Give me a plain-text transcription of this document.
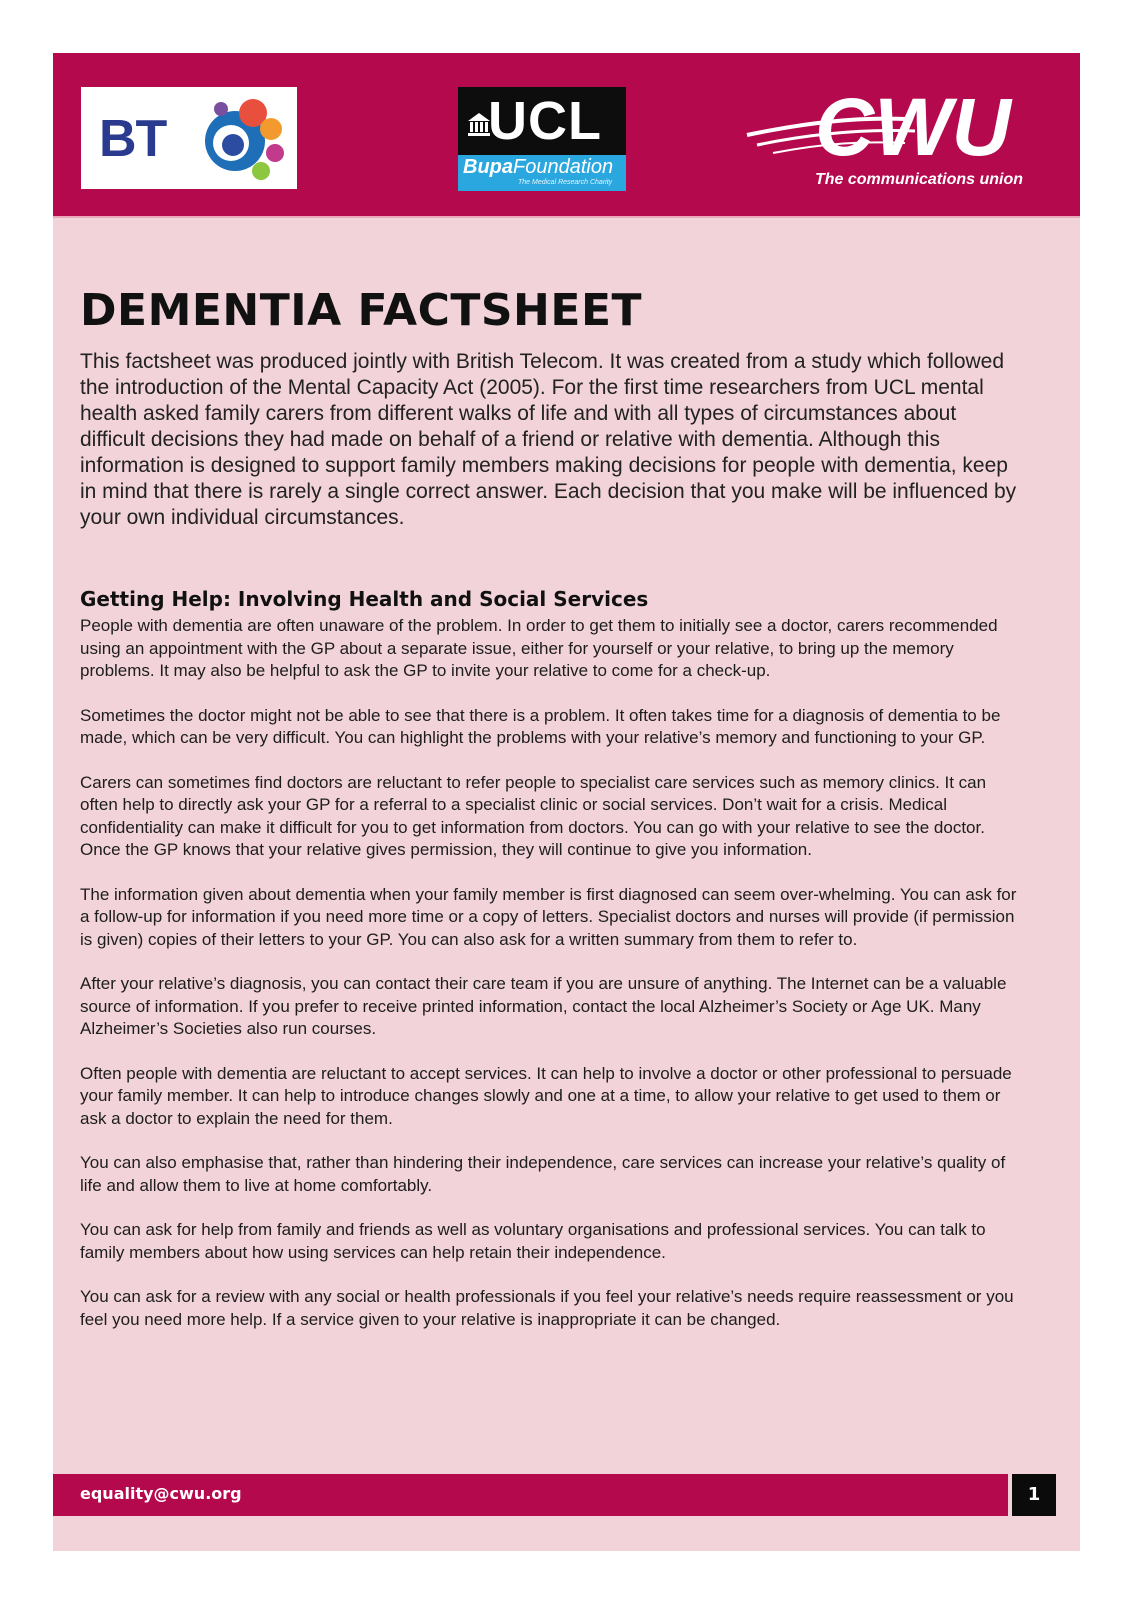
BT	UCL
BupaFoundation
The Medical Research Charity
CWU
The communications union
DEMENTIA FACTSHEET

This factsheet was produced jointly with British Telecom. It was created from a study which followed the introduction of the Mental Capacity Act (2005). For the first time researchers from UCL mental health asked family carers from different walks of life and with all types of circumstances about difficult decisions they had made on behalf of a friend or relative with dementia. Although this information is designed to support family members making decisions for people with dementia, keep in mind that there is rarely a single correct answer. Each decision that you make will be influenced by your own individual circumstances.

Getting Help: Involving Health and Social Services

People with dementia are often unaware of the problem. In order to get them to initially see a doctor, carers recommended using an appointment with the GP about a separate issue, either for yourself or your relative, to bring up the memory problems. It may also be helpful to ask the GP to invite your relative to come for a check-up.

Sometimes the doctor might not be able to see that there is a problem. It often takes time for a diagnosis of dementia to be made, which can be very difficult. You can highlight the problems with your relative’s memory and functioning to your GP.

Carers can sometimes find doctors are reluctant to refer people to specialist care services such as memory clinics. It can often help to directly ask your GP for a referral to a specialist clinic or social services. Don’t wait for a crisis. Medical confidentiality can make it difficult for you to get information from doctors. You can go with your relative to see the doctor. Once the GP knows that your relative gives permission, they will continue to give you information.

The information given about dementia when your family member is first diagnosed can seem over-whelming. You can ask for a follow-up for information if you need more time or a copy of letters. Specialist doctors and nurses will provide (if permission is given) copies of their letters to your GP. You can also ask for a written summary from them to refer to.

After your relative’s diagnosis, you can contact their care team if you are unsure of anything. The Internet can be a valuable source of information. If you prefer to receive printed information, contact the local Alzheimer’s Society or Age UK. Many Alzheimer’s Societies also run courses.

Often people with dementia are reluctant to accept services. It can help to involve a doctor or other professional to persuade your family member. It can help to introduce changes slowly and one at a time, to allow your relative to get used to them or ask a doctor to explain the need for them.

You can also emphasise that, rather than hindering their independence, care services can increase your relative’s quality of life and allow them to live at home comfortably.

You can ask for help from family and friends as well as voluntary organisations and professional services. You can talk to family members about how using services can help retain their independence.

You can ask for a review with any social or health professionals if you feel your relative’s needs require reassessment or you feel you need more help. If a service given to your relative is inappropriate it can be changed.

equality@cwu.org	1
